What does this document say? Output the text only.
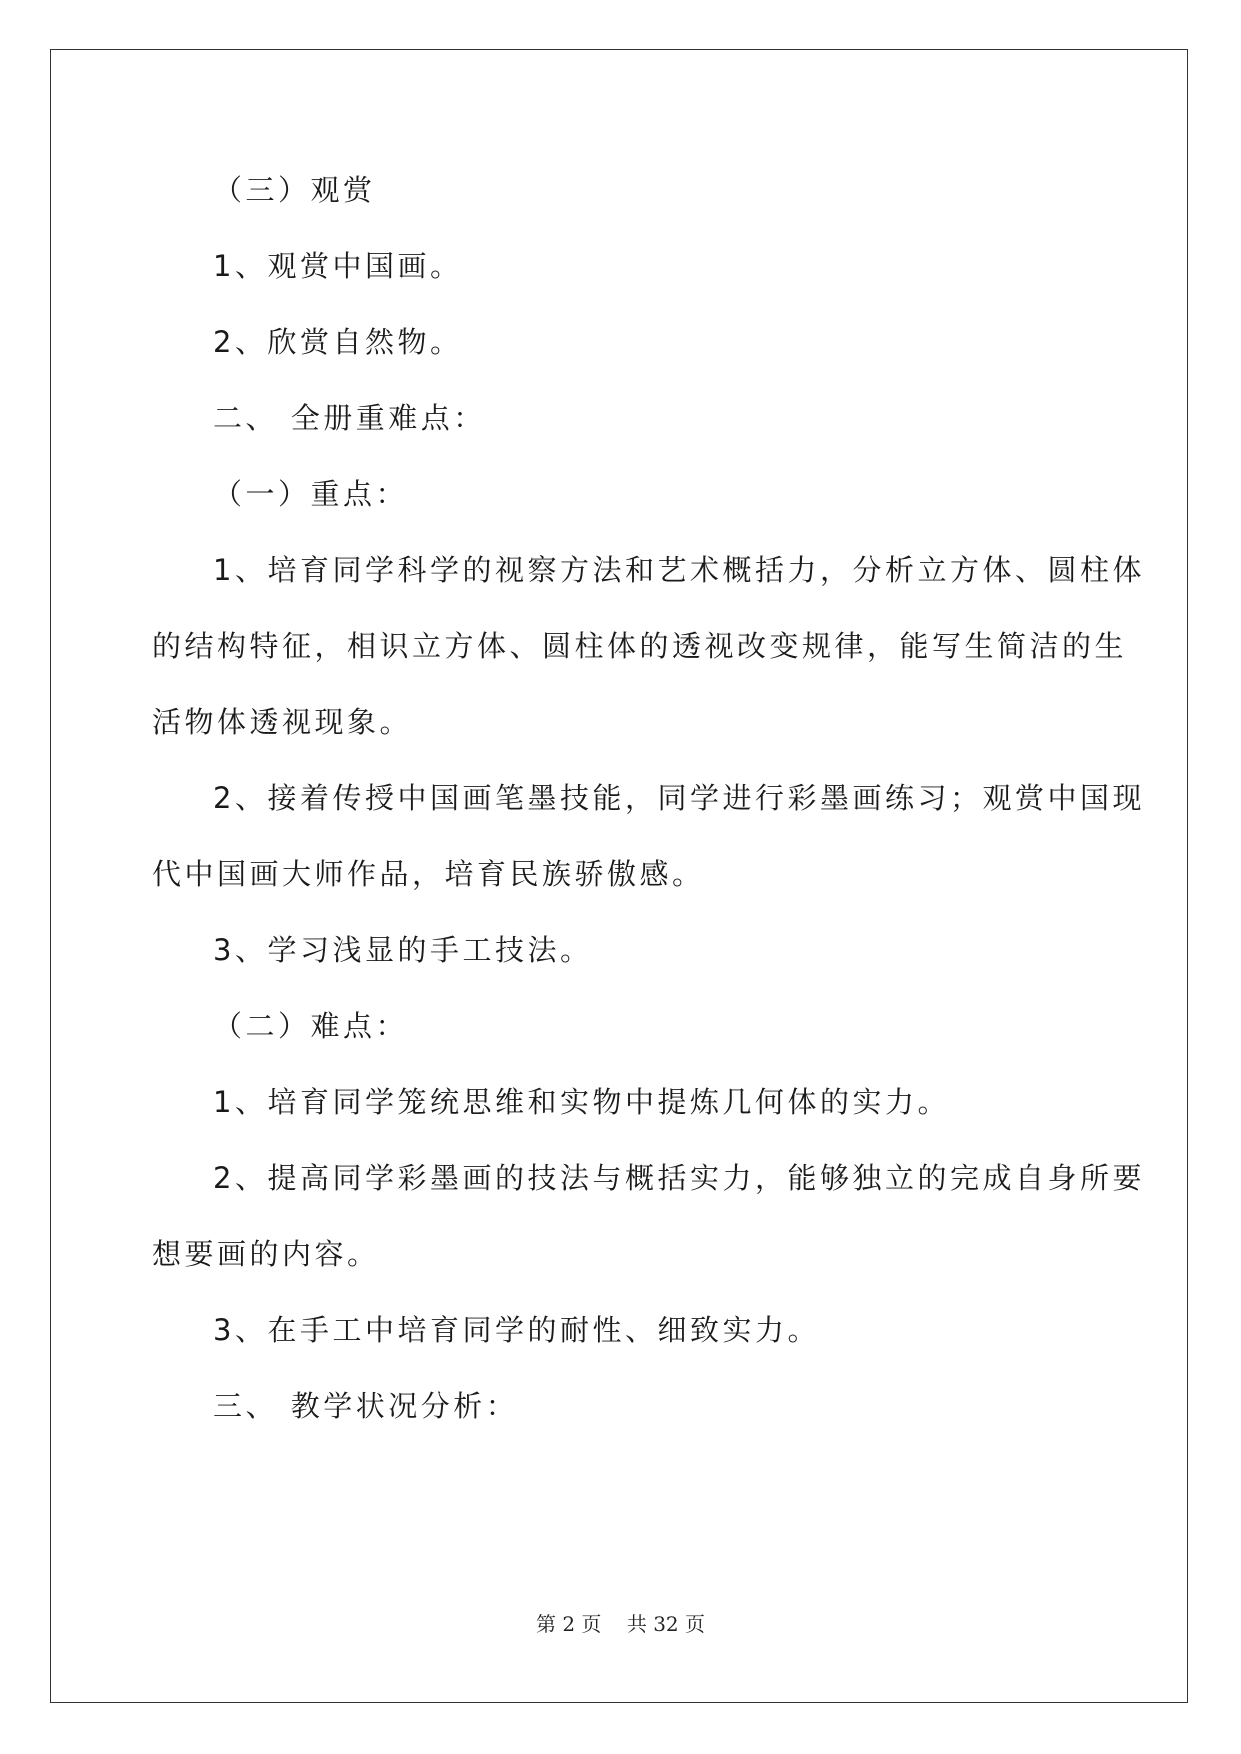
（三）观赏
1、观赏中国画。
2、欣赏自然物。
二、 全册重难点：
（一）重点：
1、培育同学科学的视察方法和艺术概括力，分析立方体、圆柱体
的结构特征，相识立方体、圆柱体的透视改变规律，能写生简洁的生
活物体透视现象。
2、接着传授中国画笔墨技能，同学进行彩墨画练习；观赏中国现
代中国画大师作品，培育民族骄傲感。
3、学习浅显的手工技法。
（二）难点：
1、培育同学笼统思维和实物中提炼几何体的实力。
2、提高同学彩墨画的技法与概括实力，能够独立的完成自身所要
想要画的内容。
3、在手工中培育同学的耐性、细致实力。
三、 教学状况分析：
第 2 页    共 32 页
